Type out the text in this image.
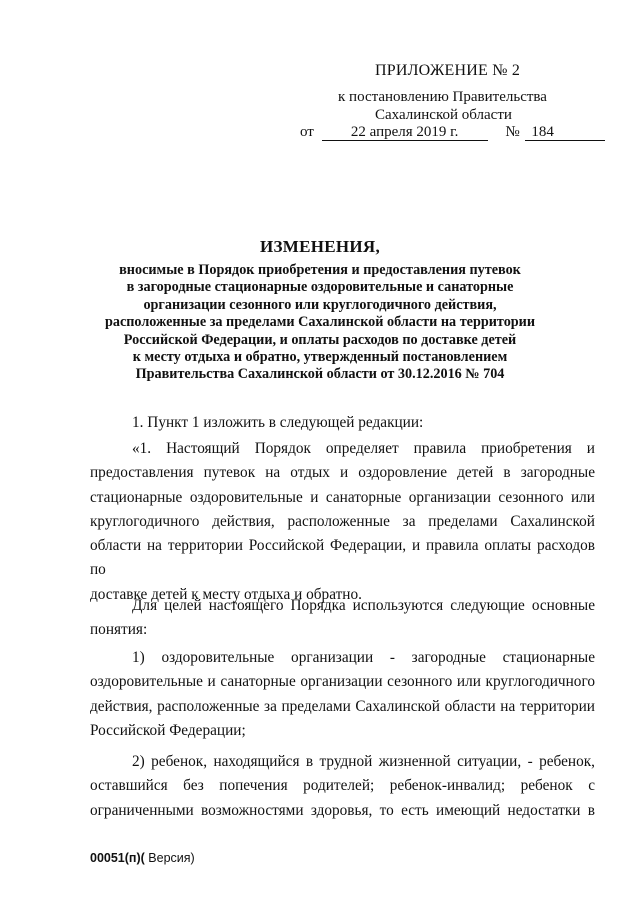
ПРИЛОЖЕНИЕ № 2
к постановлению Правительства
Сахалинской области
от 22 апреля 2019 г.	№ 184
ИЗМЕНЕНИЯ,
вносимые в Порядок приобретения и предоставления путевок
в загородные стационарные оздоровительные и санаторные
организации сезонного или круглогодичного действия,
расположенные за пределами Сахалинской области на территории
Российской Федерации, и оплаты расходов по доставке детей
к месту отдыха и обратно, утвержденный постановлением
Правительства Сахалинской области от 30.12.2016 № 704
1. Пункт 1 изложить в следующей редакции:
«1. Настоящий Порядок определяет правила приобретения и
предоставления путевок на отдых и оздоровление детей в загородные
стационарные оздоровительные и санаторные организации сезонного или
круглогодичного действия, расположенные за пределами Сахалинской
области на территории Российской Федерации, и правила оплаты расходов по
доставке детей к месту отдыха и обратно.
Для целей настоящего Порядка используются следующие основные
понятия:
1) оздоровительные организации - загородные стационарные
оздоровительные и санаторные организации сезонного или круглогодичного
действия, расположенные за пределами Сахалинской области на территории
Российской Федерации;
2) ребенок, находящийся в трудной жизненной ситуации, - ребенок,
оставшийся без попечения родителей; ребенок-инвалид; ребенок с
ограниченными возможностями здоровья, то есть имеющий недостатки в
00051(п)( Версия)
